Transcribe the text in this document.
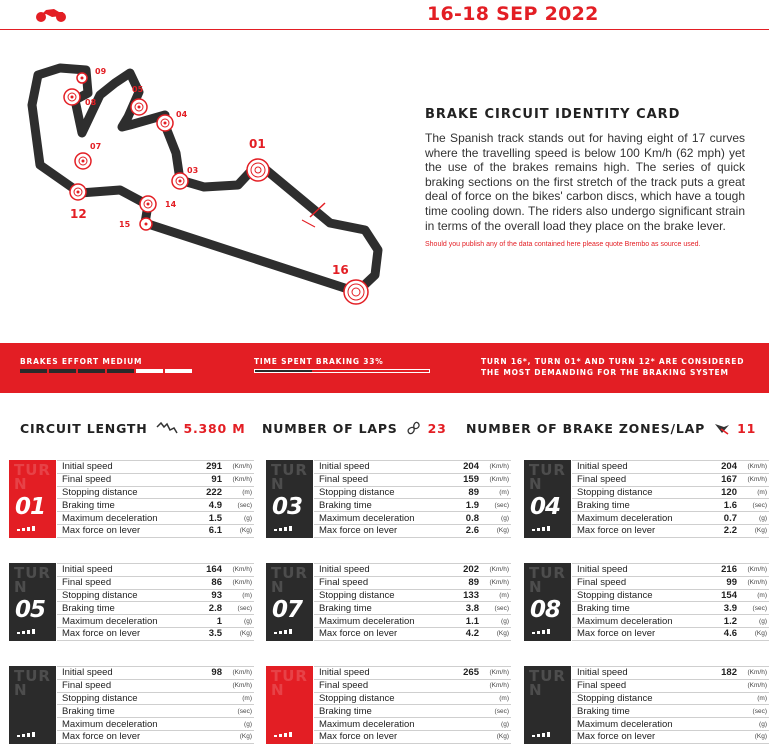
16-18 SEP 2022
09
08
07
05
04
03
01
12
14
15
16
BRAKE CIRCUIT IDENTITY CARD
The Spanish track stands out for having eight of 17 curves where the travelling speed is below 100 Km/h (62 mph) yet the use of the brakes remains high. The series of quick braking sections on the first stretch of the track puts a great deal of force on the bikes' carbon discs, which have a tough time cooling down. The riders also undergo significant strain in terms of the overall load they place on the brake lever.
Should you publish any of the data contained here please quote Brembo as source used.
BRAKES EFFORT MEDIUM	TIME SPENT BRAKING 33%	TURN 16*, TURN 01* AND TURN 12* ARE CONSIDERED
THE MOST DEMANDING FOR THE BRAKING SYSTEM
CIRCUIT LENGTH	5.380 M NUMBER OF LAPS 23 NUMBER OF BRAKE ZONES/LAP	11
TURN
01
Initial speed	291	(Km/h)
Final speed	91	(Km/h)
Stopping distance	222	(m)
Braking time	4.9	(sec)
Maximum deceleration	1.5	(g)
Max force on lever	6.1	(Kg)
TURN
03
Initial speed	204	(Km/h)
Final speed	159	(Km/h)
Stopping distance	89	(m)
Braking time	1.9	(sec)
Maximum deceleration	0.8	(g)
Max force on lever	2.6	(Kg)
TURN
04
Initial speed	204	(Km/h)
Final speed	167	(Km/h)
Stopping distance	120	(m)
Braking time	1.6	(sec)
Maximum deceleration	0.7	(g)
Max force on lever	2.2	(Kg)
TURN
05
Initial speed	164	(Km/h)
Final speed	86	(Km/h)
Stopping distance	93	(m)
Braking time	2.8	(sec)
Maximum deceleration	1	(g)
Max force on lever	3.5	(Kg)
TURN
07
Initial speed	202	(Km/h)
Final speed	89	(Km/h)
Stopping distance	133	(m)
Braking time	3.8	(sec)
Maximum deceleration	1.1	(g)
Max force on lever	4.2	(Kg)
TURN
08
Initial speed	216	(Km/h)
Final speed	99	(Km/h)
Stopping distance	154	(m)
Braking time	3.9	(sec)
Maximum deceleration	1.2	(g)
Max force on lever	4.6	(Kg)
TURN
Initial speed	98	(Km/h)
Final speed		(Km/h)
Stopping distance		(m)
Braking time		(sec)
Maximum deceleration		(g)
Max force on lever		(Kg)
TURN
Initial speed	265	(Km/h)
Final speed		(Km/h)
Stopping distance		(m)
Braking time		(sec)
Maximum deceleration		(g)
Max force on lever		(Kg)
TURN
Initial speed	182	(Km/h)
Final speed		(Km/h)
Stopping distance		(m)
Braking time		(sec)
Maximum deceleration		(g)
Max force on lever		(Kg)
